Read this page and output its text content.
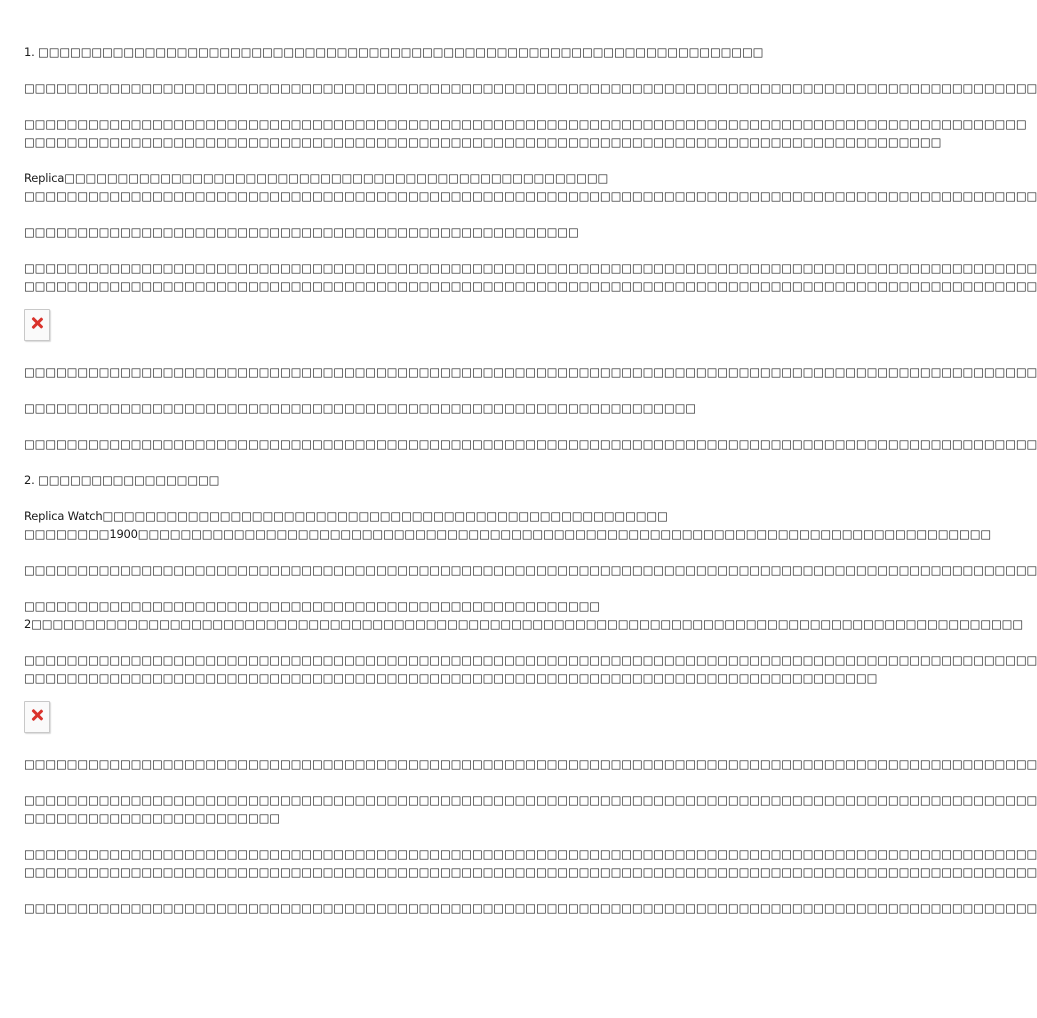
1. □□□□□□□□□□□□□□□□□□□□□□□□□□□□□□□□□□□□□□□□□□□□□□□□□□□□□□□□□□□□□□□□□□□□

□□□□□□□□□□□□□□□□□□□□□□□□□□□□□□□□□□□□□□□□□□□□□□□□□□□□□□□□□□□□□□□□□□□□□□□□□□□□□□□□□□□□□□□□□□□□□□□

□□□□□□□□□□□□□□□□□□□□□□□□□□□□□□□□□□□□□□□□□□□□□□□□□□□□□□□□□□□□□□□□□□□□□□□□□□□□□□□□□□□□□□□□□□□□□□

□□□□□□□□□□□□□□□□□□□□□□□□□□□□□□□□□□□□□□□□□□□□□□□□□□□□□□□□□□□□□□□□□□□□□□□□□□□□□□□□□□□□□□

Replica□□□□□□□□□□□□□□□□□□□□□□□□□□□□□□□□□□□□□□□□□□□□□□□□□□□

□□□□□□□□□□□□□□□□□□□□□□□□□□□□□□□□□□□□□□□□□□□□□□□□□□□□□□□□□□□□□□□□□□□□□□□□□□□□□□□□□□□□□□□□□□□□□□□

□□□□□□□□□□□□□□□□□□□□□□□□□□□□□□□□□□□□□□□□□□□□□□□□□□□□

□□□□□□□□□□□□□□□□□□□□□□□□□□□□□□□□□□□□□□□□□□□□□□□□□□□□□□□□□□□□□□□□□□□□□□□□□□□□□□□□□□□□□□□□□□□□□□□

□□□□□□□□□□□□□□□□□□□□□□□□□□□□□□□□□□□□□□□□□□□□□□□□□□□□□□□□□□□□□□□□□□□□□□□□□□□□□□□□□□□□□□□□□□□□□□□

□□□□□□□□□□□□□□□□□□□□□□□□□□□□□□□□□□□□□□□□□□□□□□□□□□□□□□□□□□□□□□□□□□□□□□□□□□□□□□□□□□□□□□□□□□□□□□□

□□□□□□□□□□□□□□□□□□□□□□□□□□□□□□□□□□□□□□□□□□□□□□□□□□□□□□□□□□□□□□□

□□□□□□□□□□□□□□□□□□□□□□□□□□□□□□□□□□□□□□□□□□□□□□□□□□□□□□□□□□□□□□□□□□□□□□□□□□□□□□□□□□□□□□□□□□□□□□□

2. □□□□□□□□□□□□□□□□□

Replica Watch□□□□□□□□□□□□□□□□□□□□□□□□□□□□□□□□□□□□□□□□□□□□□□□□□□□□□

□□□□□□□□1900□□□□□□□□□□□□□□□□□□□□□□□□□□□□□□□□□□□□□□□□□□□□□□□□□□□□□□□□□□□□□□□□□□□□□□□□□□□□□□□□

□□□□□□□□□□□□□□□□□□□□□□□□□□□□□□□□□□□□□□□□□□□□□□□□□□□□□□□□□□□□□□□□□□□□□□□□□□□□□□□□□□□□□□□□□□□□□□□

□□□□□□□□□□□□□□□□□□□□□□□□□□□□□□□□□□□□□□□□□□□□□□□□□□□□□□

2□□□□□□□□□□□□□□□□□□□□□□□□□□□□□□□□□□□□□□□□□□□□□□□□□□□□□□□□□□□□□□□□□□□□□□□□□□□□□□□□□□□□□□□□□□□□□

□□□□□□□□□□□□□□□□□□□□□□□□□□□□□□□□□□□□□□□□□□□□□□□□□□□□□□□□□□□□□□□□□□□□□□□□□□□□□□□□□□□□□□□□□□□□□□□

□□□□□□□□□□□□□□□□□□□□□□□□□□□□□□□□□□□□□□□□□□□□□□□□□□□□□□□□□□□□□□□□□□□□□□□□□□□□□□□□

□□□□□□□□□□□□□□□□□□□□□□□□□□□□□□□□□□□□□□□□□□□□□□□□□□□□□□□□□□□□□□□□□□□□□□□□□□□□□□□□□□□□□□□□□□□□□□□

□□□□□□□□□□□□□□□□□□□□□□□□□□□□□□□□□□□□□□□□□□□□□□□□□□□□□□□□□□□□□□□□□□□□□□□□□□□□□□□□□□□□□□□□□□□□□□□

□□□□□□□□□□□□□□□□□□□□□□□□

□□□□□□□□□□□□□□□□□□□□□□□□□□□□□□□□□□□□□□□□□□□□□□□□□□□□□□□□□□□□□□□□□□□□□□□□□□□□□□□□□□□□□□□□□□□□□□□

□□□□□□□□□□□□□□□□□□□□□□□□□□□□□□□□□□□□□□□□□□□□□□□□□□□□□□□□□□□□□□□□□□□□□□□□□□□□□□□□□□□□□□□□□□□□□□□

□□□□□□□□□□□□□□□□□□□□□□□□□□□□□□□□□□□□□□□□□□□□□□□□□□□□□□□□□□□□□□□□□□□□□□□□□□□□□□□□□□□□□□□□□□□□□□□
